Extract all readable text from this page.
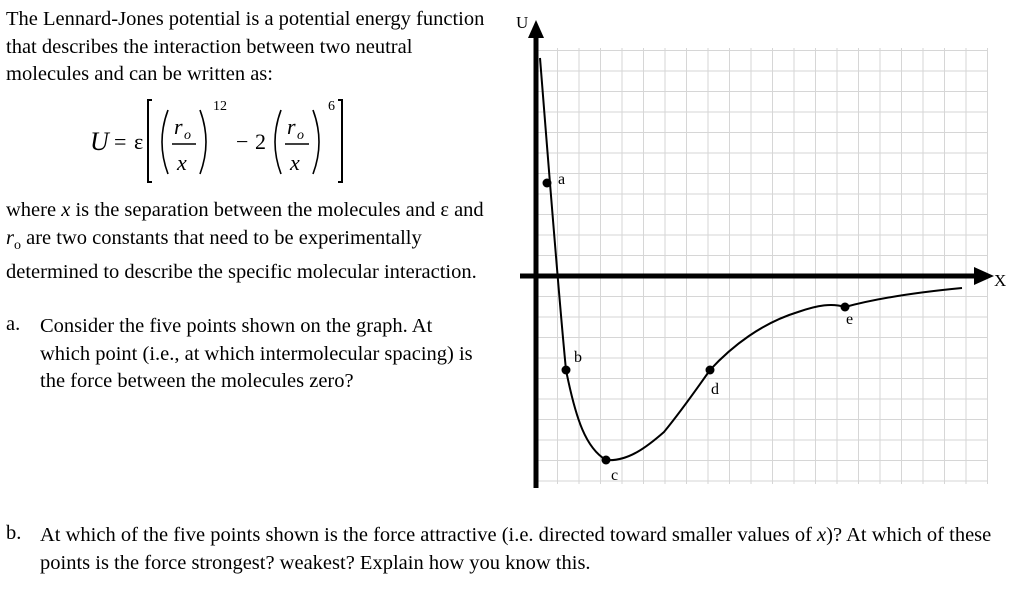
The Lennard-Jones potential is a potential energy function that describes the interaction between two neutral molecules and can be written as:

U = ε
r o
x
12
− 2
r o
x
6

where x is the separation between the molecules and ε and $r_o$ are two constants that need to be experimentally determined to describe the specific molecular interaction.

a. Consider the five points shown on the graph. At which point (i.e., at which intermolecular spacing) is the force between the molecules zero?

U
X
a
b
c
d
e
b. At which of the five points shown is the force attractive (i.e. directed toward smaller values of x)? At which of these points is the force strongest? weakest? Explain how you know this.
